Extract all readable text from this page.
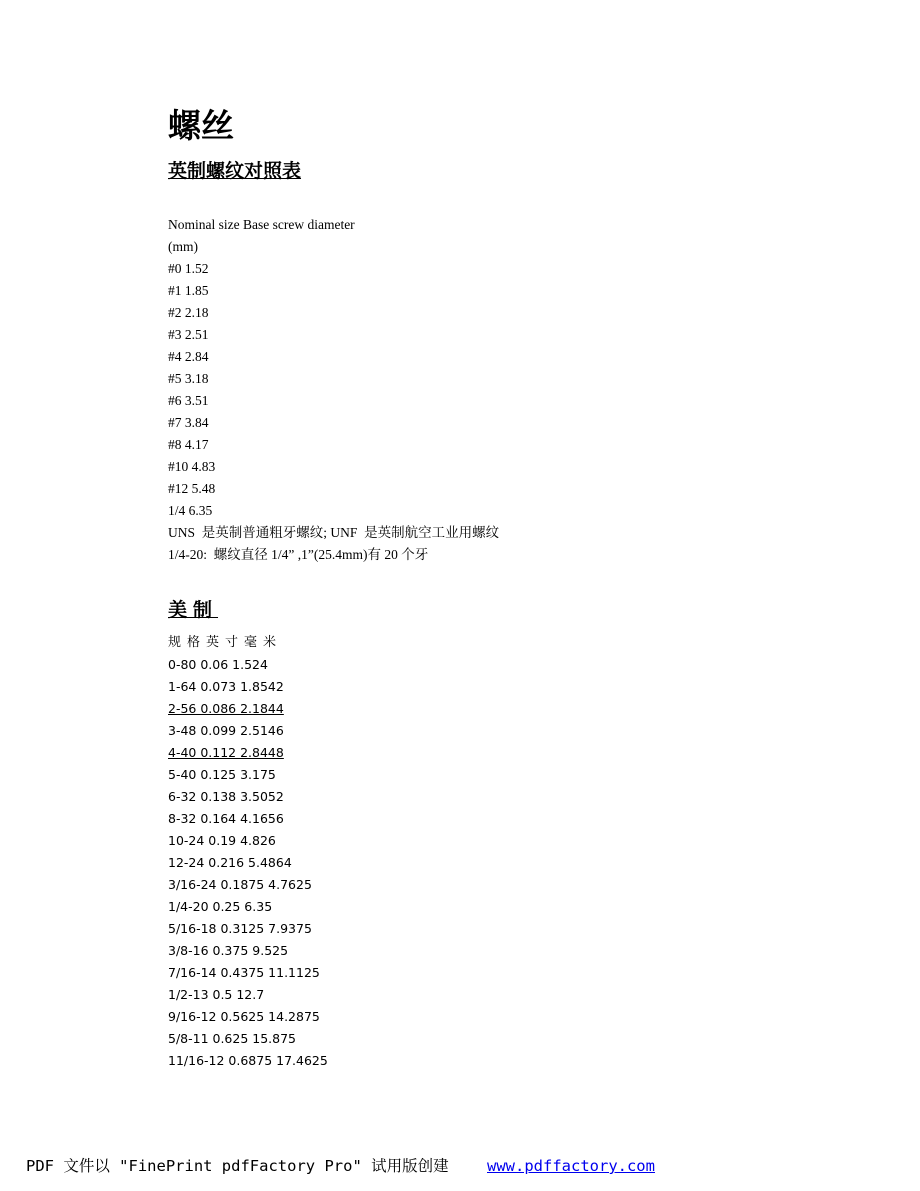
螺丝
英制螺纹对照表
Nominal size Base screw diameter
(mm)
#0 1.52
#1 1.85
#2 2.18
#3 2.51
#4 2.84
#5 3.18
#6 3.51
#7 3.84
#8 4.17
#10 4.83
#12 5.48
1/4 6.35
UNS  是英制普通粗牙螺纹; UNF  是英制航空工业用螺纹
1/4-20:  螺纹直径 1/4” ,1”(25.4mm)有 20 个牙
美制
规格英寸毫米
0-80 0.06 1.524
1-64 0.073 1.8542
2-56 0.086 2.1844
3-48 0.099 2.5146
4-40 0.112 2.8448
5-40 0.125 3.175
6-32 0.138 3.5052
8-32 0.164 4.1656
10-24 0.19 4.826
12-24 0.216 5.4864
3/16-24 0.1875 4.7625
1/4-20 0.25 6.35
5/16-18 0.3125 7.9375
3/8-16 0.375 9.525
7/16-14 0.4375 11.1125
1/2-13 0.5 12.7
9/16-12 0.5625 14.2875
5/8-11 0.625 15.875
11/16-12 0.6875 17.4625
PDF 文件以 "FinePrint pdfFactory Pro" 试用版创建 www.pdffactory.com
